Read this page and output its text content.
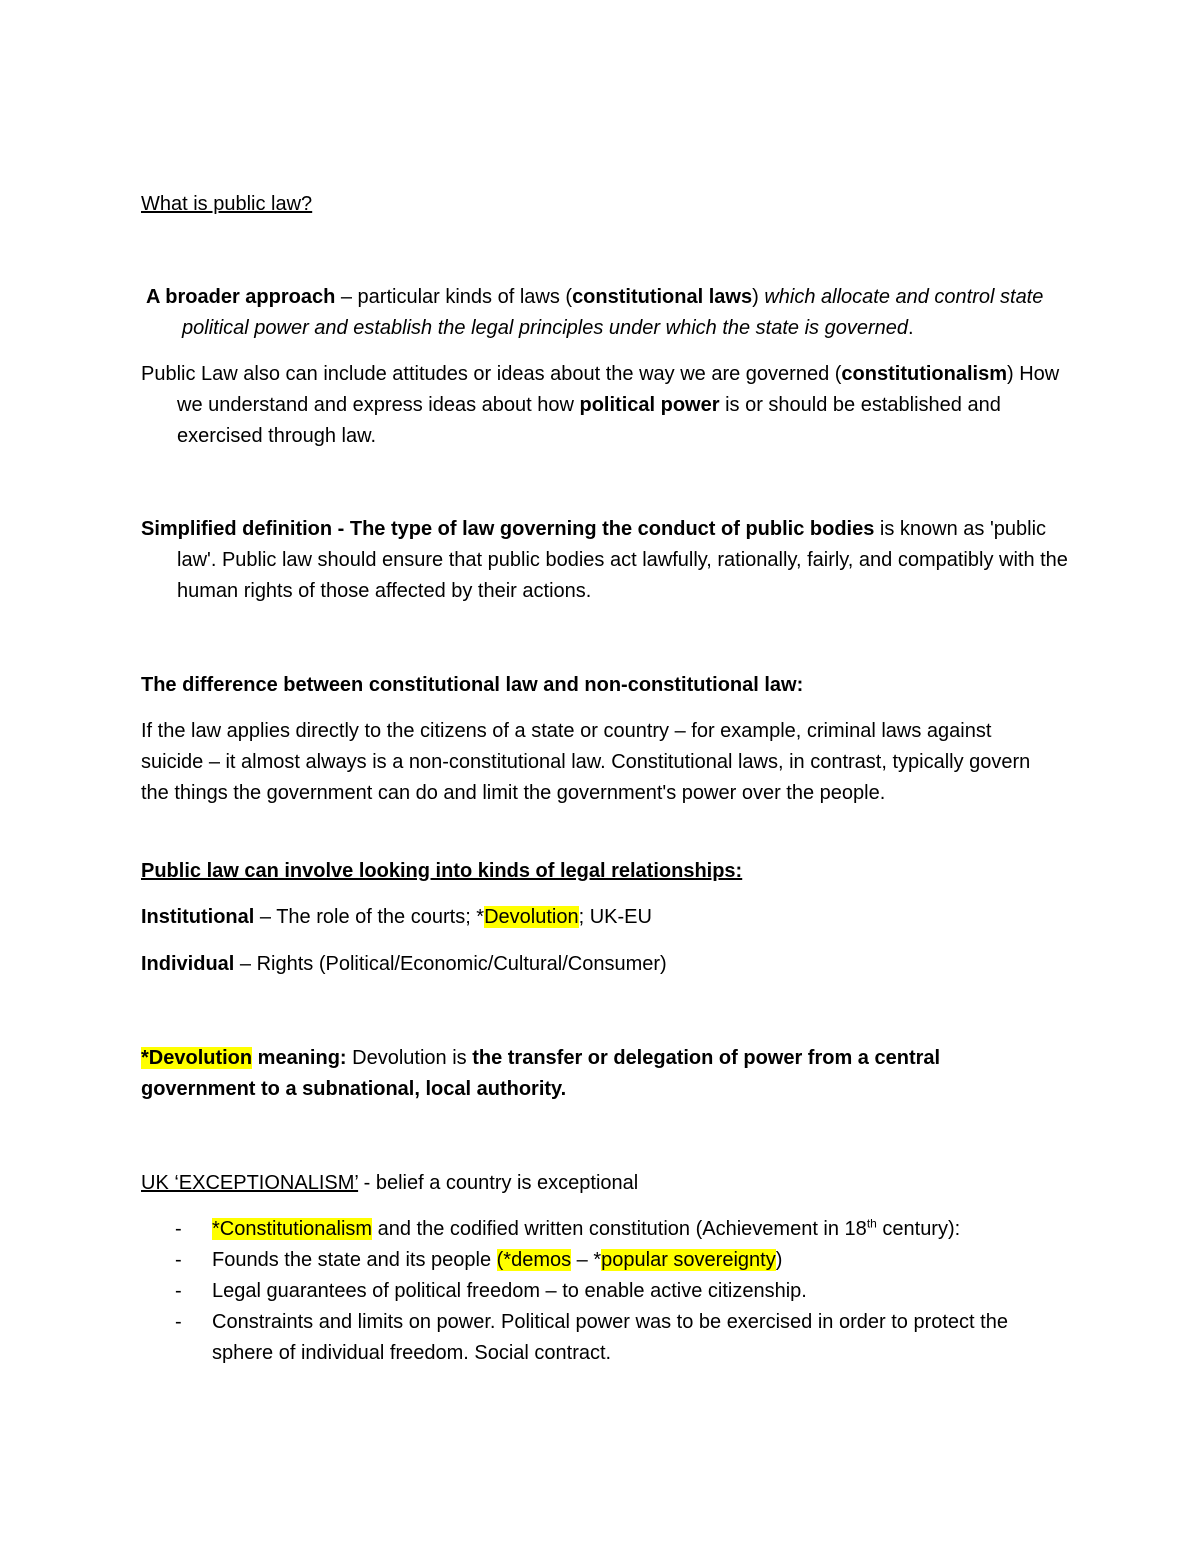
What is public law?
A broader approach – particular kinds of laws (constitutional laws) which allocate and control state political power and establish the legal principles under which the state is governed.
Public Law also can include attitudes or ideas about the way we are governed (constitutionalism) How we understand and express ideas about how political power is or should be established and exercised through law.
Simplified definition - The type of law governing the conduct of public bodies is known as 'public law'. Public law should ensure that public bodies act lawfully, rationally, fairly, and compatibly with the human rights of those affected by their actions.
The difference between constitutional law and non-constitutional law:
If the law applies directly to the citizens of a state or country – for example, criminal laws against suicide – it almost always is a non-constitutional law. Constitutional laws, in contrast, typically govern the things the government can do and limit the government's power over the people.
Public law can involve looking into kinds of legal relationships:
Institutional – The role of the courts; *Devolution; UK-EU
Individual – Rights (Political/Economic/Cultural/Consumer)
*Devolution meaning: Devolution is the transfer or delegation of power from a central government to a subnational, local authority.
UK ‘EXCEPTIONALISM’ - belief a country is exceptional
- *Constitutionalism and the codified written constitution (Achievement in 18th century):
- Founds the state and its people (*demos – *popular sovereignty)
- Legal guarantees of political freedom – to enable active citizenship.
- Constraints and limits on power. Political power was to be exercised in order to protect the sphere of individual freedom. Social contract.
